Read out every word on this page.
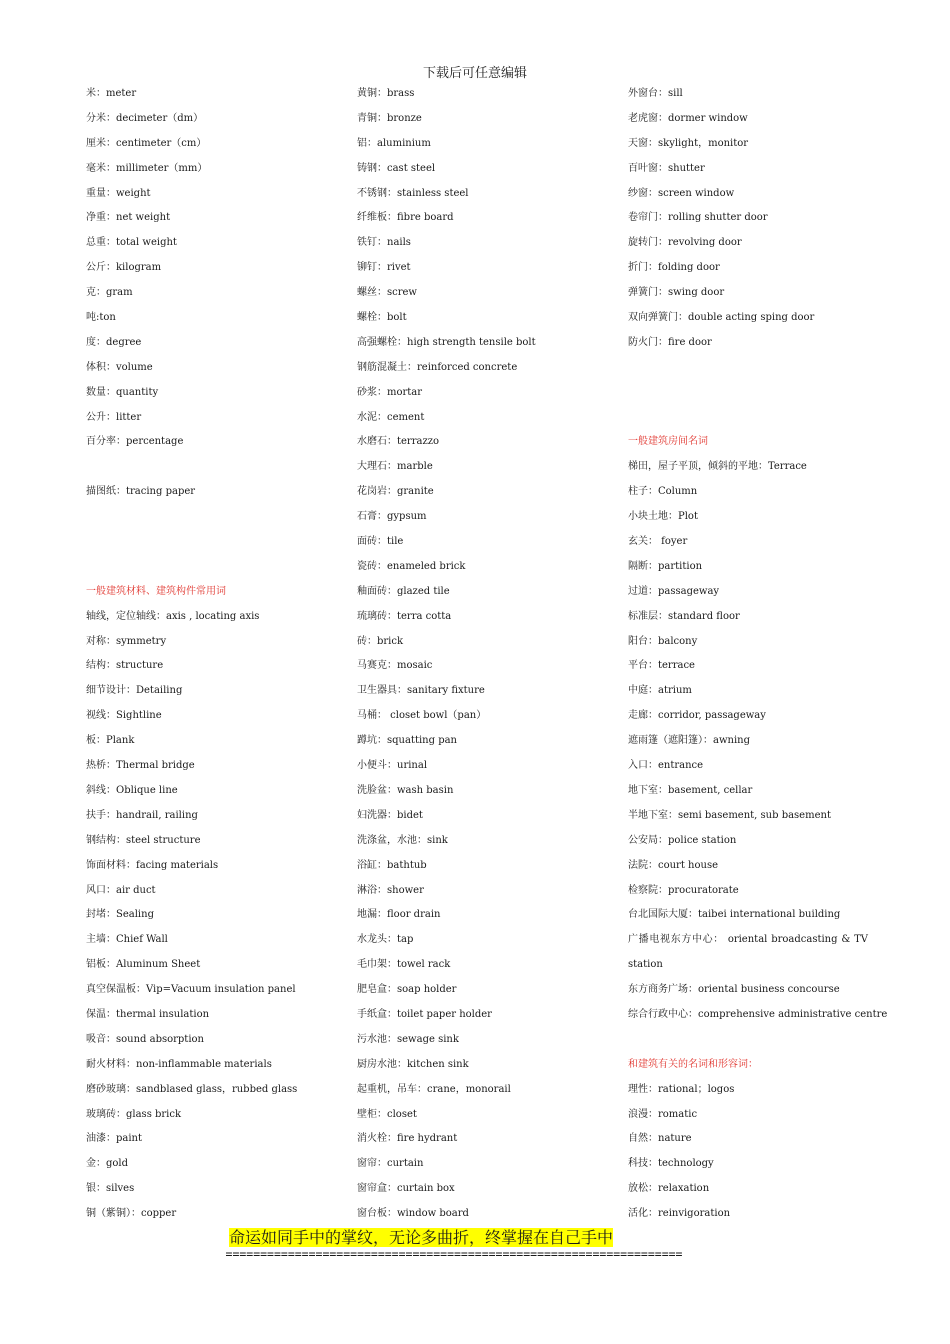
下载后可任意编辑
米：meter
分米：decimeter（dm）
厘米：centimeter（cm）
毫米：millimeter（mm）
重量：weight
净重：net weight
总重：total weight
公斤：kilogram
克：gram
吨:ton
度：degree
体积：volume
数量：quantity
公升：litter
百分率：percentage
描图纸：tracing paper
一般建筑材料、建筑构件常用词
轴线，定位轴线：axis , locating axis
对称：symmetry
结构：structure
细节设计：Detailing
视线：Sightline
板：Plank
热桥：Thermal bridge
斜线：Oblique line
扶手：handrail, railing
钢结构：steel structure
饰面材料：facing materials
风口：air duct
封堵：Sealing
主墙：Chief Wall
铝板：Aluminum Sheet
真空保温板：Vip=Vacuum insulation panel
保温：thermal insulation
吸音：sound absorption
耐火材料：non-inflammable materials
磨砂玻璃：sandblased glass，rubbed glass
玻璃砖：glass brick
油漆：paint
金：gold
银：silves
铜（紫铜）：copper
黄铜：brass
青铜：bronze
铝：aluminium
铸钢：cast steel
不锈钢：stainless steel
纤维板：fibre board
铁钉：nails
铆钉：rivet
螺丝：screw
螺栓：bolt
高强螺栓：high strength tensile bolt
钢筋混凝土：reinforced concrete
砂浆：mortar
水泥：cement
水磨石：terrazzo
大理石：marble
花岗岩：granite
石膏：gypsum
面砖：tile
瓷砖：enameled brick
釉面砖：glazed tile
琉璃砖：terra cotta
砖：brick
马赛克：mosaic
卫生器具：sanitary fixture
马桶： closet bowl（pan）
蹲坑：squatting pan
小便斗：urinal
洗脸盆：wash basin
妇洗器：bidet
洗涤盆，水池：sink
浴缸：bathtub
淋浴：shower
地漏：floor drain
水龙头：tap
毛巾架：towel rack
肥皂盒：soap holder
手纸盒：toilet paper holder
污水池：sewage sink
厨房水池：kitchen sink
起重机，吊车：crane，monorail
壁柜：closet
消火栓：fire hydrant
窗帘：curtain
窗帘盒：curtain box
窗台板：window board
外窗台：sill
老虎窗：dormer window
天窗：skylight，monitor
百叶窗：shutter
纱窗：screen window
卷帘门：rolling shutter door
旋转门：revolving door
折门：folding door
弹簧门：swing door
双向弹簧门：double acting sping door
防火门：fire door
一般建筑房间名词
梯田，屋子平顶，倾斜的平地：Terrace
柱子：Column
小块土地：Plot
玄关： foyer
隔断：partition
过道：passageway
标准层：standard floor
阳台：balcony
平台：terrace
中庭：atrium
走廊：corridor, passageway
遮雨篷（遮阳篷）：awning
入口：entrance
地下室：basement, cellar
半地下室：semi basement, sub basement
公安局：police station
法院：court house
检察院：procuratorate
台北国际大厦：taibei international building
广播电视东方中心： oriental broadcasting & TV
station
东方商务广场：oriental business concourse
综合行政中心：comprehensive administrative centre
和建筑有关的名词和形容词：
理性：rational；logos
浪漫：romatic
自然：nature
科技：technology
放松：relaxation
活化：reinvigoration
命运如同手中的掌纹，无论多曲折，终掌握在自己手中
==================================================================
